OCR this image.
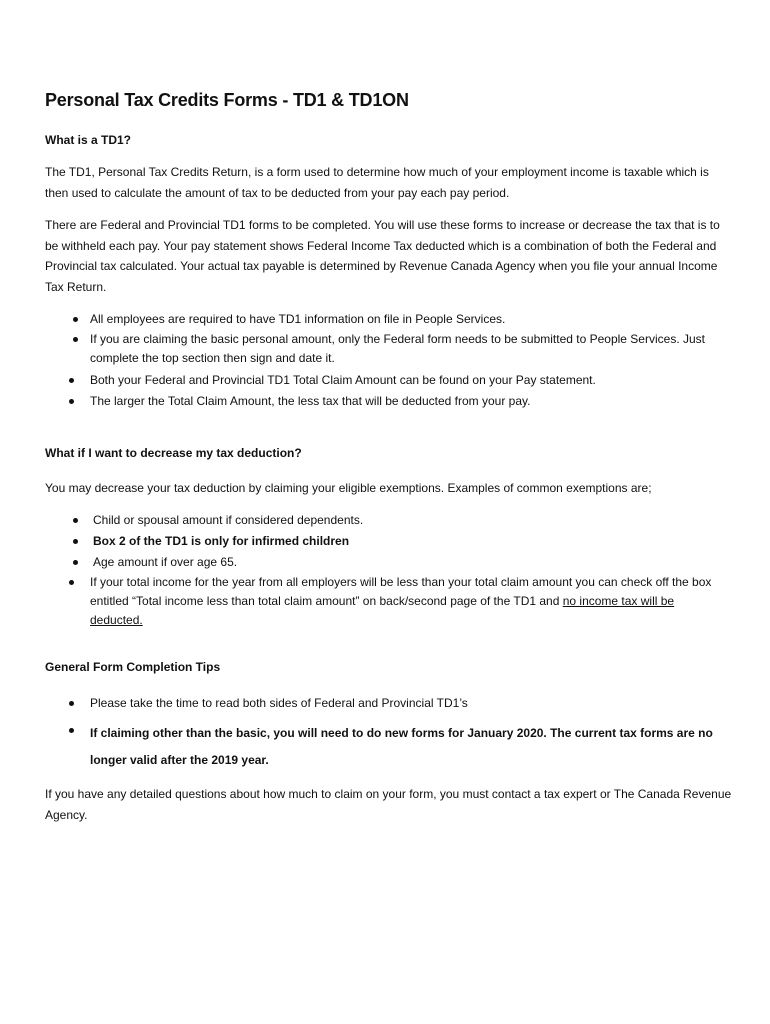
Personal Tax Credits Forms - TD1 & TD1ON
What is a TD1?

The TD1, Personal Tax Credits Return, is a form used to determine how much of your employment income is taxable which is then used to calculate the amount of tax to be deducted from your pay each pay period.

There are Federal and Provincial TD1 forms to be completed. You will use these forms to increase or decrease the tax that is to be withheld each pay. Your pay statement shows Federal Income Tax deducted which is a combination of both the Federal and Provincial tax calculated. Your actual tax payable is determined by Revenue Canada Agency when you file your annual Income Tax Return.

All employees are required to have TD1 information on file in People Services.
If you are claiming the basic personal amount, only the Federal form needs to be submitted to People Services. Just complete the top section then sign and date it.
Both your Federal and Provincial TD1 Total Claim Amount can be found on your Pay statement.
The larger the Total Claim Amount, the less tax that will be deducted from your pay.
What if I want to decrease my tax deduction?

You may decrease your tax deduction by claiming your eligible exemptions. Examples of common exemptions are;

Child or spousal amount if considered dependents.
Box 2 of the TD1 is only for infirmed children
Age amount if over age 65.
If your total income for the year from all employers will be less than your total claim amount you can check off the box entitled “Total income less than total claim amount” on back/second page of the TD1 and no income tax will be deducted.
General Form Completion Tips
Please take the time to read both sides of Federal and Provincial TD1’s
If claiming other than the basic, you will need to do new forms for January 2020. The current tax forms are no longer valid after the 2019 year.

If you have any detailed questions about how much to claim on your form, you must contact a tax expert or The Canada Revenue Agency.
